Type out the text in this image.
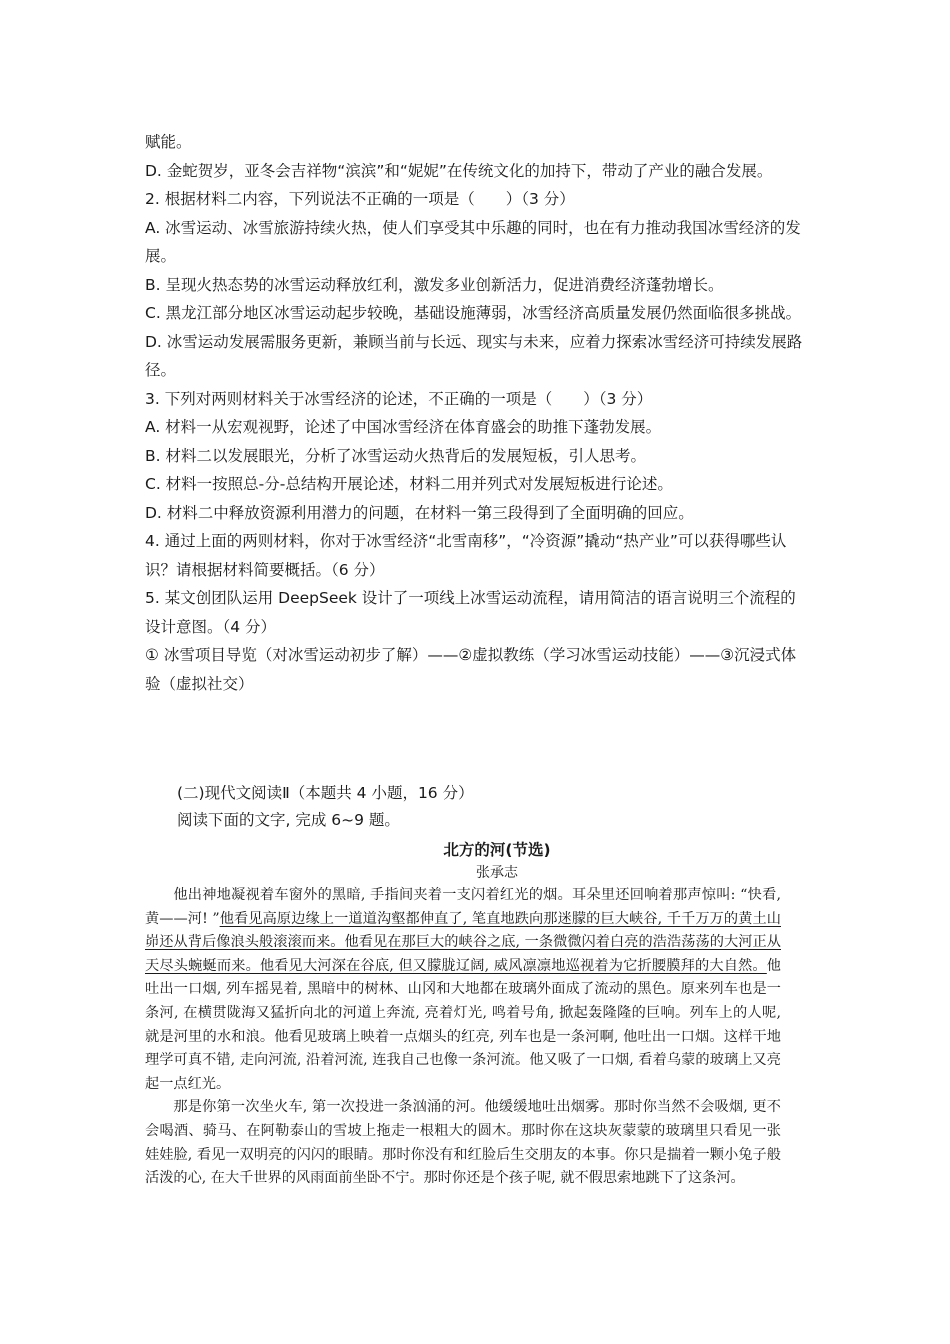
赋能。

D. 金蛇贺岁，亚冬会吉祥物“滨滨”和“妮妮”在传统文化的加持下，带动了产业的融合发展。

2. 根据材料二内容，下列说法不正确的一项是（　　）（3 分）

A. 冰雪运动、冰雪旅游持续火热，使人们享受其中乐趣的同时，也在有力推动我国冰雪经济的发展。

B. 呈现火热态势的冰雪运动释放红利，激发多业创新活力，促进消费经济蓬勃增长。

C. 黑龙江部分地区冰雪运动起步较晚，基础设施薄弱，冰雪经济高质量发展仍然面临很多挑战。

D. 冰雪运动发展需服务更新，兼顾当前与长远、现实与未来，应着力探索冰雪经济可持续发展路径。

3. 下列对两则材料关于冰雪经济的论述，不正确的一项是（　　）（3 分）

A. 材料一从宏观视野，论述了中国冰雪经济在体育盛会的助推下蓬勃发展。

B. 材料二以发展眼光，分析了冰雪运动火热背后的发展短板，引人思考。

C. 材料一按照总-分-总结构开展论述，材料二用并列式对发展短板进行论述。

D. 材料二中释放资源利用潜力的问题，在材料一第三段得到了全面明确的回应。

4. 通过上面的两则材料，你对于冰雪经济“北雪南移”，“冷资源”撬动“热产业”可以获得哪些认识？请根据材料简要概括。（6 分）

5. 某文创团队运用 DeepSeek 设计了一项线上冰雪运动流程，请用简洁的语言说明三个流程的设计意图。（4 分）

① 冰雪项目导览（对冰雪运动初步了解）——②虚拟教练（学习冰雪运动技能）——③沉浸式体验（虚拟社交）

(二)现代文阅读Ⅱ（本题共 4 小题，16 分）

阅读下面的文字, 完成 6~9 题。

北方的河(节选)

张承志

他出神地凝视着车窗外的黑暗, 手指间夹着一支闪着红光的烟。耳朵里还回响着那声惊叫: “快看, 黄——河! ”他看见高原边缘上一道道沟壑都伸直了, 笔直地跌向那迷朦的巨大峡谷, 千千万万的黄土山峁还从背后像浪头般滚滚而来。他看见在那巨大的峡谷之底, 一条微微闪着白亮的浩浩荡荡的大河正从天尽头蜿蜒而来。他看见大河深在谷底, 但又朦胧辽阔, 威风凛凛地巡视着为它折腰膜拜的大自然。他吐出一口烟, 列车摇晃着, 黑暗中的树林、山冈和大地都在玻璃外面成了流动的黑色。原来列车也是一条河, 在横贯陇海又猛折向北的河道上奔流, 亮着灯光, 鸣着号角, 掀起轰隆隆的巨响。列车上的人呢, 就是河里的水和浪。他看见玻璃上映着一点烟头的红亮, 列车也是一条河啊, 他吐出一口烟。这样干地理学可真不错, 走向河流, 沿着河流, 连我自己也像一条河流。他又吸了一口烟, 看着乌蒙的玻璃上又亮起一点红光。

那是你第一次坐火车, 第一次投进一条汹涌的河。他缓缓地吐出烟雾。那时你当然不会吸烟, 更不会喝酒、骑马、在阿勒泰山的雪坡上拖走一根粗大的圆木。那时你在这块灰蒙蒙的玻璃里只看见一张娃娃脸, 看见一双明亮的闪闪的眼睛。那时你没有和红脸后生交朋友的本事。你只是揣着一颗小兔子般活泼的心, 在大千世界的风雨面前坐卧不宁。那时你还是个孩子呢, 就不假思索地跳下了这条河。
